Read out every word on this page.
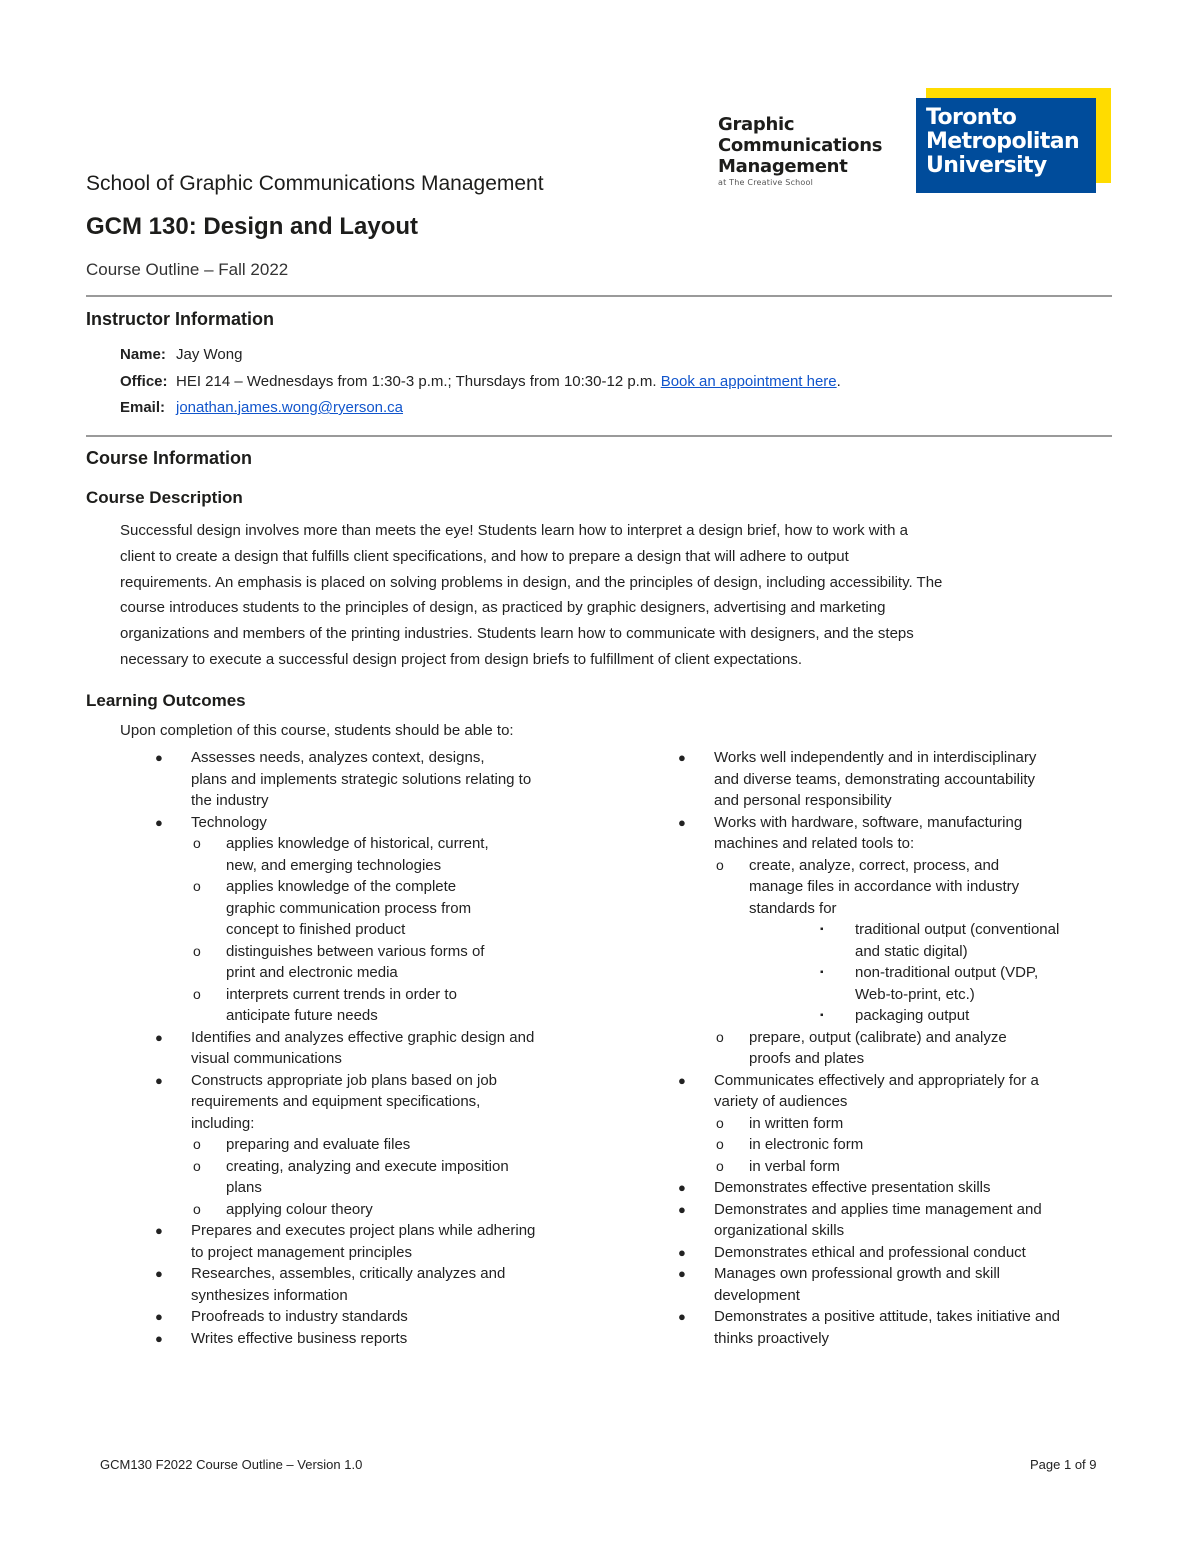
Graphic
Communications
Management
at The Creative School
Toronto
Metropolitan
University
School of Graphic Communications Management
GCM 130: Design and Layout
Course Outline – Fall 2022
Instructor Information
Name: Jay Wong
Office: HEI 214 – Wednesdays from 1:30-3 p.m.; Thursdays from 10:30-12 p.m. Book an appointment here.
Email: jonathan.james.wong@ryerson.ca
Course Information
Course Description
Successful design involves more than meets the eye! Students learn how to interpret a design brief, how to work with a
client to create a design that fulfills client specifications, and how to prepare a design that will adhere to output
requirements. An emphasis is placed on solving problems in design, and the principles of design, including accessibility. The
course introduces students to the principles of design, as practiced by graphic designers, advertising and marketing
organizations and members of the printing industries. Students learn how to communicate with designers, and the steps
necessary to execute a successful design project from design briefs to fulfillment of client expectations.
Learning Outcomes
Upon completion of this course, students should be able to:
● Assesses needs, analyzes context, designs,
plans and implements strategic solutions relating to
the industry
● Technology
o applies knowledge of historical, current,
new, and emerging technologies
o applies knowledge of the complete
graphic communication process from
concept to finished product
o distinguishes between various forms of
print and electronic media
o interprets current trends in order to
anticipate future needs
● Identifies and analyzes effective graphic design and
visual communications
● Constructs appropriate job plans based on job
requirements and equipment specifications,
including:
o preparing and evaluate files
o creating, analyzing and execute imposition
plans
o applying colour theory
● Prepares and executes project plans while adhering
to project management principles
● Researches, assembles, critically analyzes and
synthesizes information
● Proofreads to industry standards
● Writes effective business reports
● Works well independently and in interdisciplinary
and diverse teams, demonstrating accountability
and personal responsibility
● Works with hardware, software, manufacturing
machines and related tools to:
o create, analyze, correct, process, and
manage files in accordance with industry
standards for
▪ traditional output (conventional
and static digital)
▪ non-traditional output (VDP,
Web-to-print, etc.)
▪ packaging output
o prepare, output (calibrate) and analyze
proofs and plates
● Communicates effectively and appropriately for a
variety of audiences
o in written form
o in electronic form
o in verbal form
● Demonstrates effective presentation skills
● Demonstrates and applies time management and
organizational skills
● Demonstrates ethical and professional conduct
● Manages own professional growth and skill
development
● Demonstrates a positive attitude, takes initiative and
thinks proactively
GCM130 F2022 Course Outline – Version 1.0	Page 1 of 9
